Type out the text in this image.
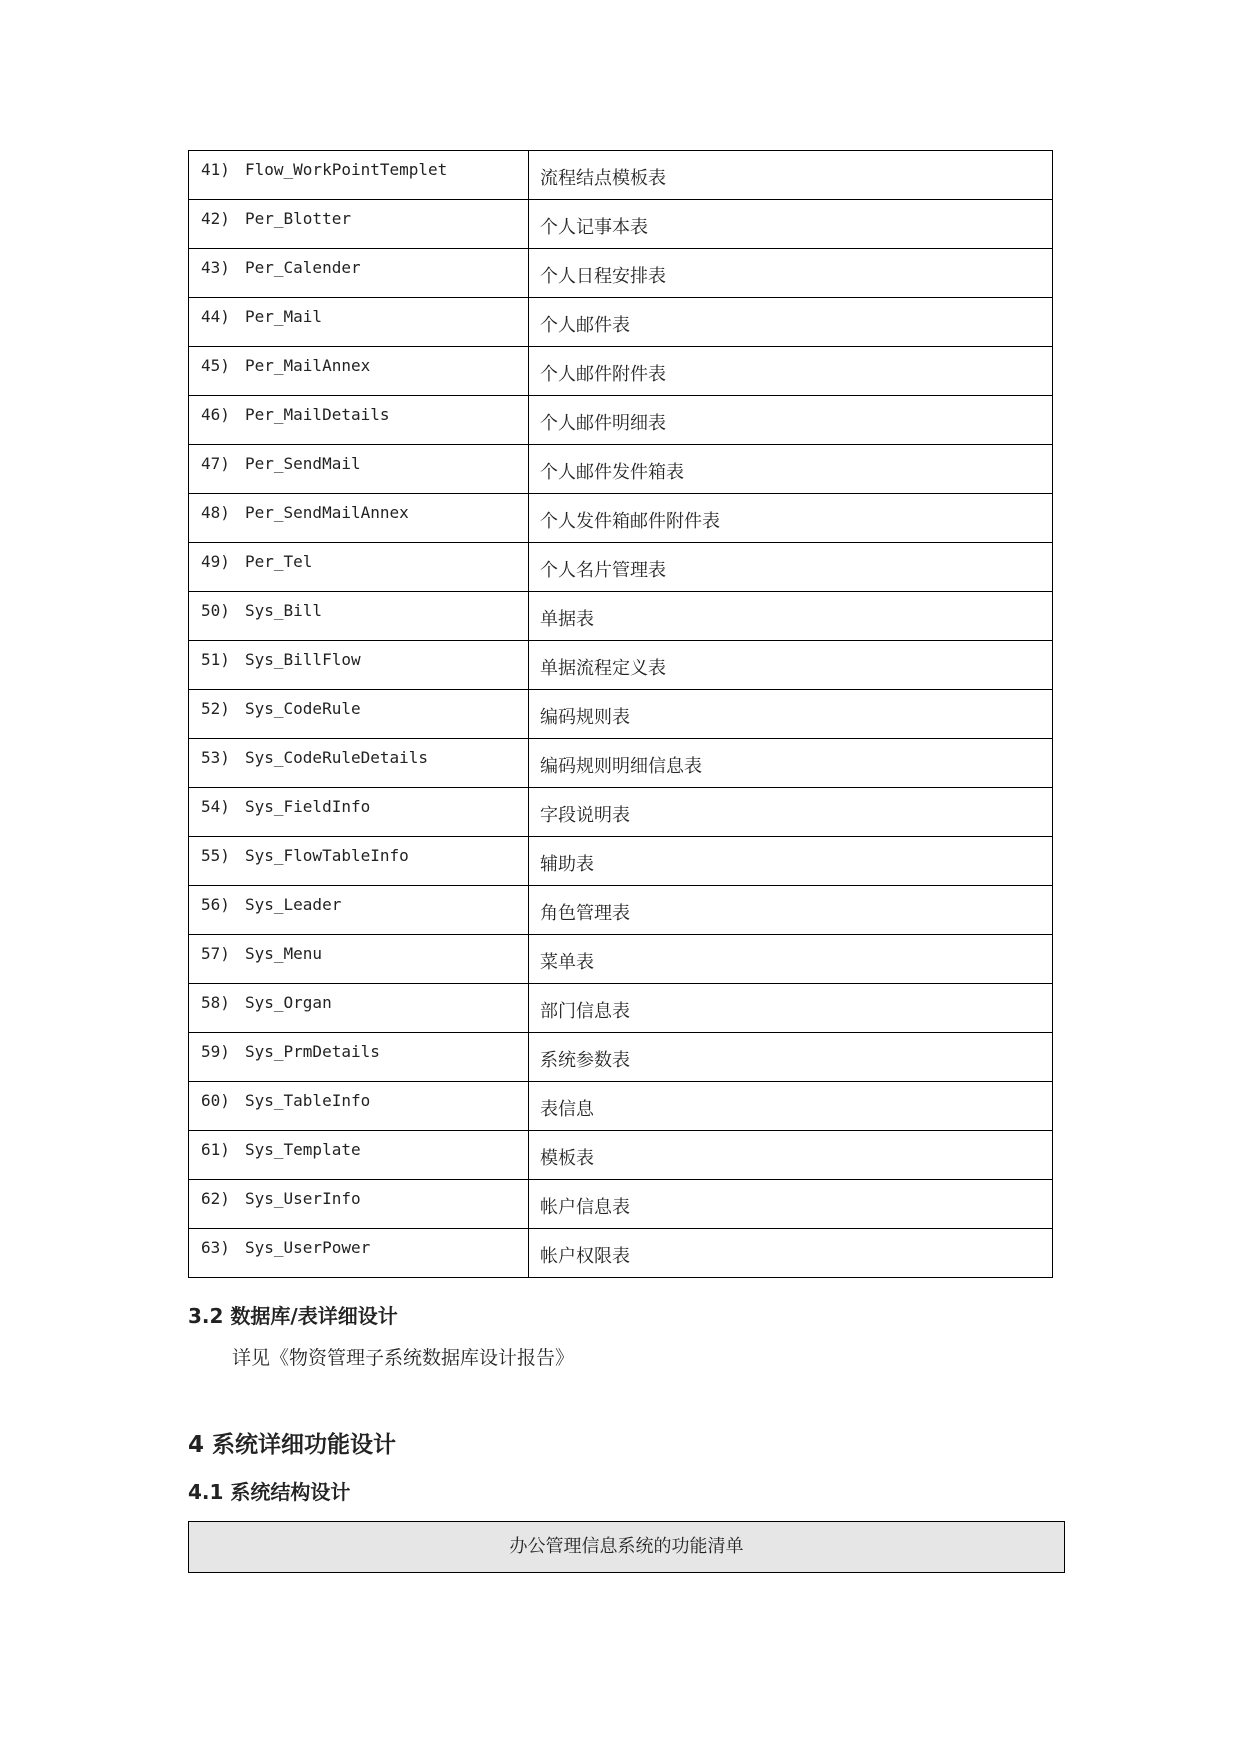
41) Flow_WorkPointTemplet	流程结点模板表

42) Per_Blotter	个人记事本表

43) Per_Calender	个人日程安排表

44) Per_Mail	个人邮件表

45) Per_MailAnnex	个人邮件附件表

46) Per_MailDetails	个人邮件明细表

47) Per_SendMail	个人邮件发件箱表

48) Per_SendMailAnnex	个人发件箱邮件附件表

49) Per_Tel	个人名片管理表

50) Sys_Bill	单据表

51) Sys_BillFlow	单据流程定义表

52) Sys_CodeRule	编码规则表

53) Sys_CodeRuleDetails	编码规则明细信息表

54) Sys_FieldInfo	字段说明表

55) Sys_FlowTableInfo	辅助表

56) Sys_Leader	角色管理表

57) Sys_Menu	菜单表

58) Sys_Organ	部门信息表

59) Sys_PrmDetails	系统参数表

60) Sys_TableInfo	表信息

61) Sys_Template	模板表

62) Sys_UserInfo	帐户信息表

63) Sys_UserPower	帐户权限表
3.2 数据库/表详细设计

详见《物资管理子系统数据库设计报告》

4 系统详细功能设计
4.1 系统结构设计
办公管理信息系统的功能清单
